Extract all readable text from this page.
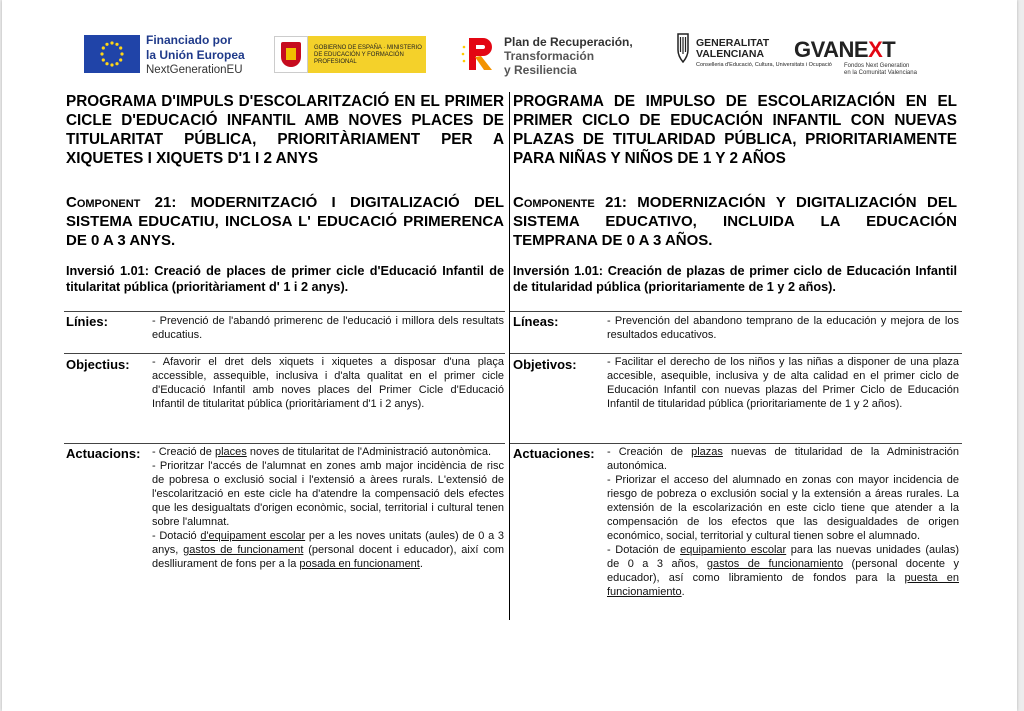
Financiado por
la Unión Europea
NextGenerationEU
GOBIERNO DE ESPAÑA · MINISTERIO DE EDUCACIÓN Y FORMACIÓN PROFESIONAL
Plan de Recuperación,
Transformación
y Resiliencia
GENERALITAT
VALENCIANA
Conselleria d'Educació, Cultura, Universitats i Ocupació
GVANEXT
Fondos Next Generation
en la Comunitat Valenciana
PROGRAMA D'IMPULS D'ESCOLARITZACIÓ EN EL PRIMER CICLE D'EDUCACIÓ INFANTIL AMB NOVES PLACES DE TITULARITAT PÚBLICA, PRIORITÀRIAMENT PER A XIQUETES I XIQUETS D'1 I 2 ANYS

Component 21: MODERNITZACIÓ I DIGITALIZACIÓ DEL SISTEMA EDUCATIU, INCLOSA L' EDUCACIÓ PRIMERENCA DE 0 A 3 ANYS.

Inversió 1.01: Creació de places de primer cicle d'Educació Infantil de titularitat pública (prioritàriament d' 1 i 2 anys).

Línies:	- Prevenció de l'abandó primerenc de l'educació i millora dels resultats educatius.

Objectius: - Afavorir el dret dels xiquets i xiquetes a disposar d'una plaça accessible, assequible, inclusiva i d'alta qualitat en el primer cicle d'Educació Infantil amb noves places del Primer Cicle d'Educació Infantil de titularitat pública (prioritàriament d'1 i 2 anys).

Actuacions: - Creació de places noves de titularitat de l'Administració autonòmica.

- Prioritzar l'accés de l'alumnat en zones amb major incidència de risc de pobresa o exclusió social i l'extensió a àrees rurals. L'extensió de l'escolarització en este cicle ha d'atendre la compensació dels efectes que les desigualtats d'origen econòmic, social, territorial i cultural tenen sobre l'alumnat.

- Dotació d'equipament escolar per a les noves unitats (aules) de 0 a 3 anys, gastos de funcionament (personal docent i educador), així com deslliurament de fons per a la posada en funcionament.

PROGRAMA DE IMPULSO DE ESCOLARIZACIÓN EN EL PRIMER CICLO DE EDUCACIÓN INFANTIL CON NUEVAS PLAZAS DE TITULARIDAD PÚBLICA, PRIORITARIAMENTE PARA NIÑAS Y NIÑOS DE 1 Y 2 AÑOS

Componente 21: MODERNIZACIÓN Y DIGITALIZACIÓN DEL SISTEMA EDUCATIVO, INCLUIDA LA EDUCACIÓN TEMPRANA DE 0 A 3 AÑOS.

Inversión 1.01: Creación de plazas de primer ciclo de Educación Infantil de titularidad pública (prioritariamente de 1 y 2 años).

Líneas:	- Prevención del abandono temprano de la educación y mejora de los resultados educativos.

Objetivos:	- Facilitar el derecho de los niños y las niñas a disponer de una plaza accesible, asequible, inclusiva y de alta calidad en el primer ciclo de Educación Infantil con nuevas plazas del Primer Ciclo de Educación Infantil de titularidad pública (prioritariamente de 1 y 2 años).

Actuaciones: - Creación de plazas nuevas de titularidad de la Administración autonómica.

- Priorizar el acceso del alumnado en zonas con mayor incidencia de riesgo de pobreza o exclusión social y la extensión a áreas rurales. La extensión de la escolarización en este ciclo tiene que atender a la compensación de los efectos que las desigualdades de origen económico, social, territorial y cultural tienen sobre el alumnado.

- Dotación de equipamiento escolar para las nuevas unidades (aulas) de 0 a 3 años, gastos de funcionamiento (personal docente y educador), así como libramiento de fondos para la puesta en funcionamiento.
